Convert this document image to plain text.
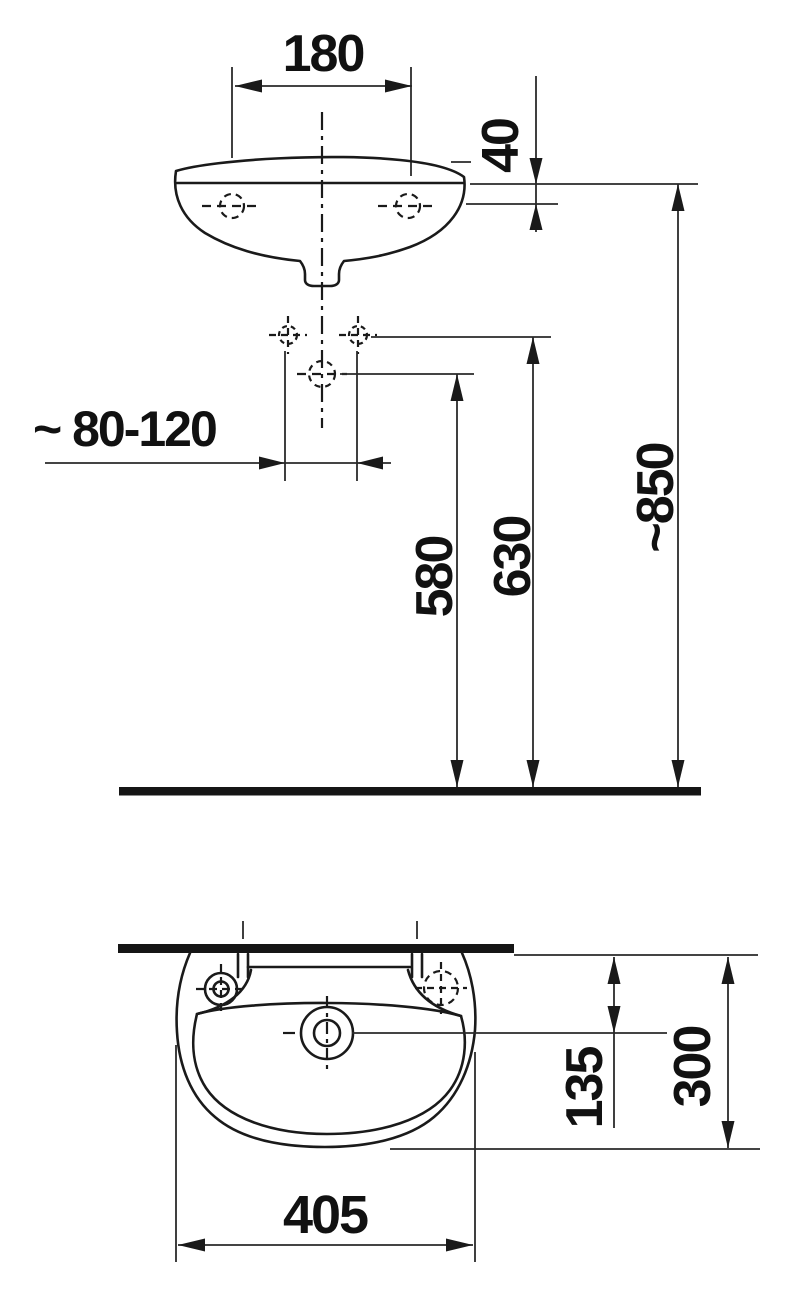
180
40
~ 80-120
580 630
~850
135 300
405
